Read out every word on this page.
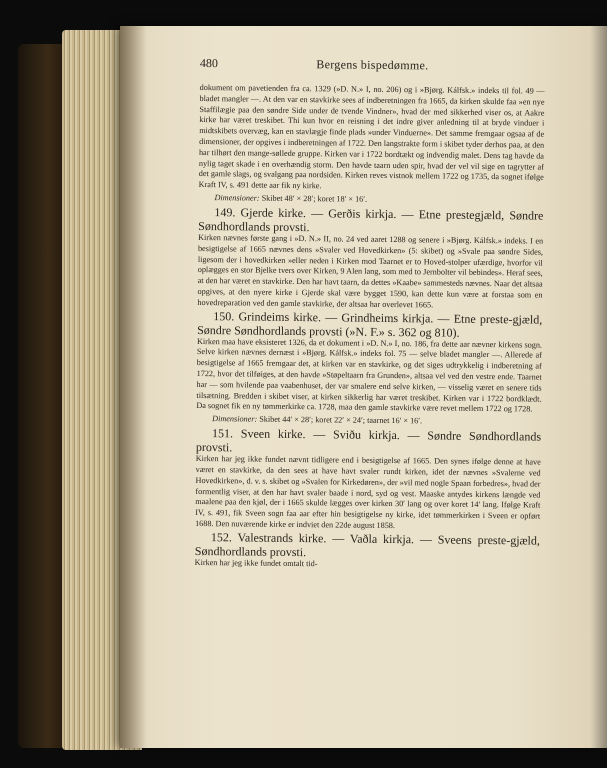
480	Bergens bispedømme.

dokument om pavetienden fra ca. 1329 (»D. N.» I, no. 206) og i »Bjørg. Kálfsk.» indeks til fol. 49 — bladet mangler —. At den var en stavkirke sees af indberetningen fra 1665, da kirken skulde faa »en nye Staffilægie paa den søndre Side under de tvende Vindner», hvad der med sikkerhed viser os, at Aakre kirke har været treskibet. Thi kun hvor en reisning i det indre giver anledning til at bryde vinduer i midtskibets overvæg, kan en stavlægje finde plads »under Vinduerne». Det samme fremgaar ogsaa af de dimensioner, der opgives i indberetningen af 1722. Den langstrakte form i skibet tyder derhos paa, at den har tilhørt den mange-søllede gruppe. Kirken var i 1722 bordtækt og indvendig malet. Dens tag havde da nylig taget skade i en overhændig storm. Den havde taarn uden spir, hvad der vel vil sige en tagrytter af det gamle slags, og svalgang paa nordsiden. Kirken reves vistnok mellem 1722 og 1735, da sognet ifølge Kraft IV, s. 491 dette aar fik ny kirke.

Dimensioner: Skibet 48′ × 28′; koret 18′ × 16′.

149. Gjerde kirke. — Gerðis kirkja. — Etne prestegjæld, Søndre Søndhordlands provsti.

Kirken nævnes første gang i »D. N.» II, no. 24 ved aaret 1288 og senere i »Bjørg. Kálfsk.» indeks. I en besigtigelse af 1665 nævnes dens »Svaler ved Hovedkirken» (5: skibet) og »Svale paa søndre Sides, ligesom der i hovedkirken »eller neden i Kirken mod Taarnet er to Hoved-stolper ufærdige, hvorfor vil oplægges en stor Bjelke tvers over Kirken, 9 Alen lang, som med to Jernbolter vil bebindes». Heraf sees, at den har været en stavkirke. Den har havt taarn, da dettes »Kaabe» sammesteds nævnes. Naar det altsaa opgives, at den nyere kirke i Gjerde skal være bygget 1590, kan dette kun være at forstaa som en hovedreparation ved den gamle stavkirke, der altsaa har overlevet 1665.

150. Grindeims kirke. — Grindheims kirkja. — Etne preste-gjæld, Søndre Søndhordlands provsti (»N. F.» s. 362 og 810).

Kirken maa have eksisteret 1326, da et dokument i »D. N.» I, no. 186, fra dette aar nævner kirkens sogn. Selve kirken nævnes dernæst i »Bjørg. Kálfsk.» indeks fol. 75 — selve bladet mangler —. Allerede af besigtigelse af 1665 fremgaar det, at kirken var en stavkirke, og det siges udtrykkelig i indberetning af 1722, hvor det tilføiges, at den havde »Støpeltaarn fra Grunden», altsaa vel ved den vestre ende. Taarnet har — som hvilende paa vaabenhuset, der var smalere end selve kirken, — visselig været en senere tids tilsætning. Bredden i skibet viser, at kirken sikkerlig har været treskibet. Kirken var i 1722 bordklædt. Da sognet fik en ny tømmerkirke ca. 1728, maa den gamle stavkirke være revet mellem 1722 og 1728.

Dimensioner: Skibet 44′ × 28′; koret 22′ × 24′; taarnet 16′ × 16′.

151. Sveen kirke. — Sviðu kirkja. — Søndre Søndhordlands provsti.

Kirken har jeg ikke fundet nævnt tidligere end i besigtigelse af 1665. Den synes ifølge denne at have været en stavkirke, da den sees at have havt svaler rundt kirken, idet der nævnes »Svalerne ved Hovedkirken», d. v. s. skibet og »Svalen for Kirkedøren», der »vil med nogle Spaan forbedres», hvad der formentlig viser, at den har havt svaler baade i nord, syd og vest. Maaske antydes kirkens længde ved maalene paa den kjøl, der i 1665 skulde lægges over kirken 30′ lang og over koret 14′ lang. Ifølge Kraft IV, s. 491, fik Sveen sogn faa aar efter hin besigtigelse ny kirke, idet tømmerkirken i Sveen er opført 1688. Den nuværende kirke er indviet den 22de august 1858.

152. Valestrands kirke. — Vaðla kirkja. — Sveens preste-gjæld, Søndhordlands provsti.

Kirken har jeg ikke fundet omtalt tid-
